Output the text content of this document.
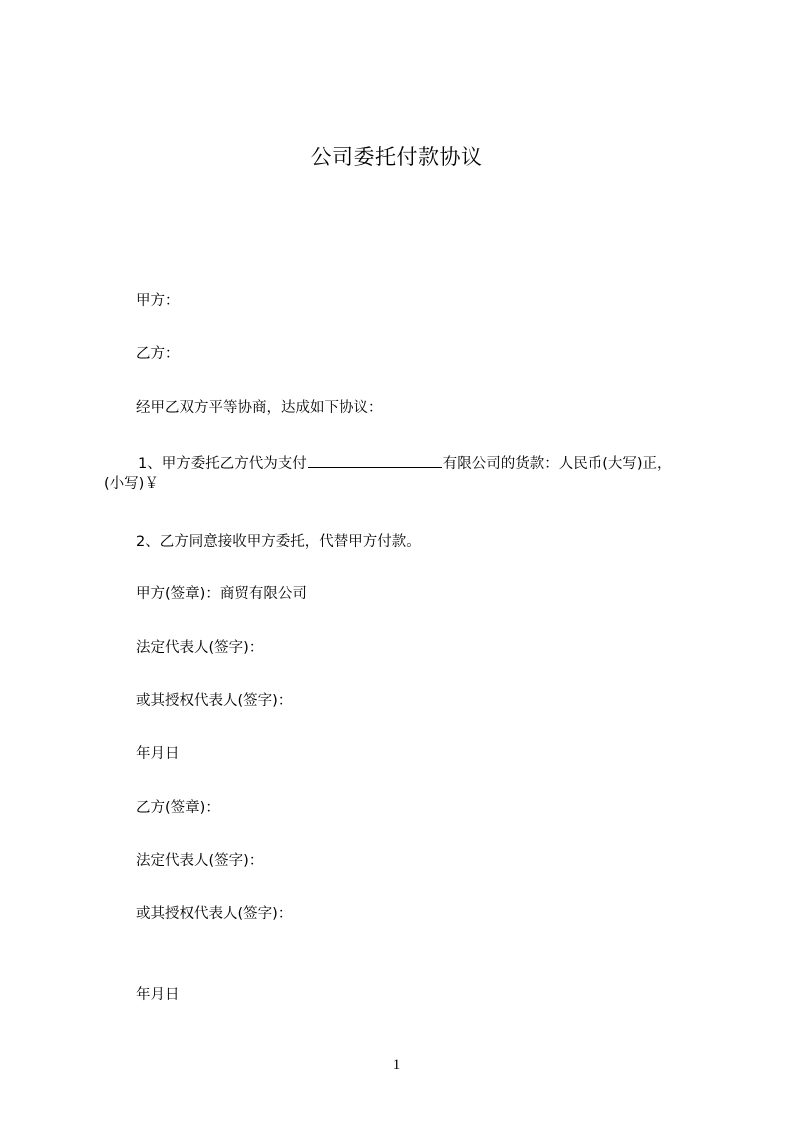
公司委托付款协议
甲方：
乙方：
经甲乙双方平等协商，达成如下协议：
1、甲方委托乙方代为支付	有限公司的货款：人民币(大写)正，
(小写)￥
2、乙方同意接收甲方委托，代替甲方付款。
甲方(签章)：商贸有限公司
法定代表人(签字)：
或其授权代表人(签字)：
年月日
乙方(签章)：
法定代表人(签字)：
或其授权代表人(签字)：
年月日
1
